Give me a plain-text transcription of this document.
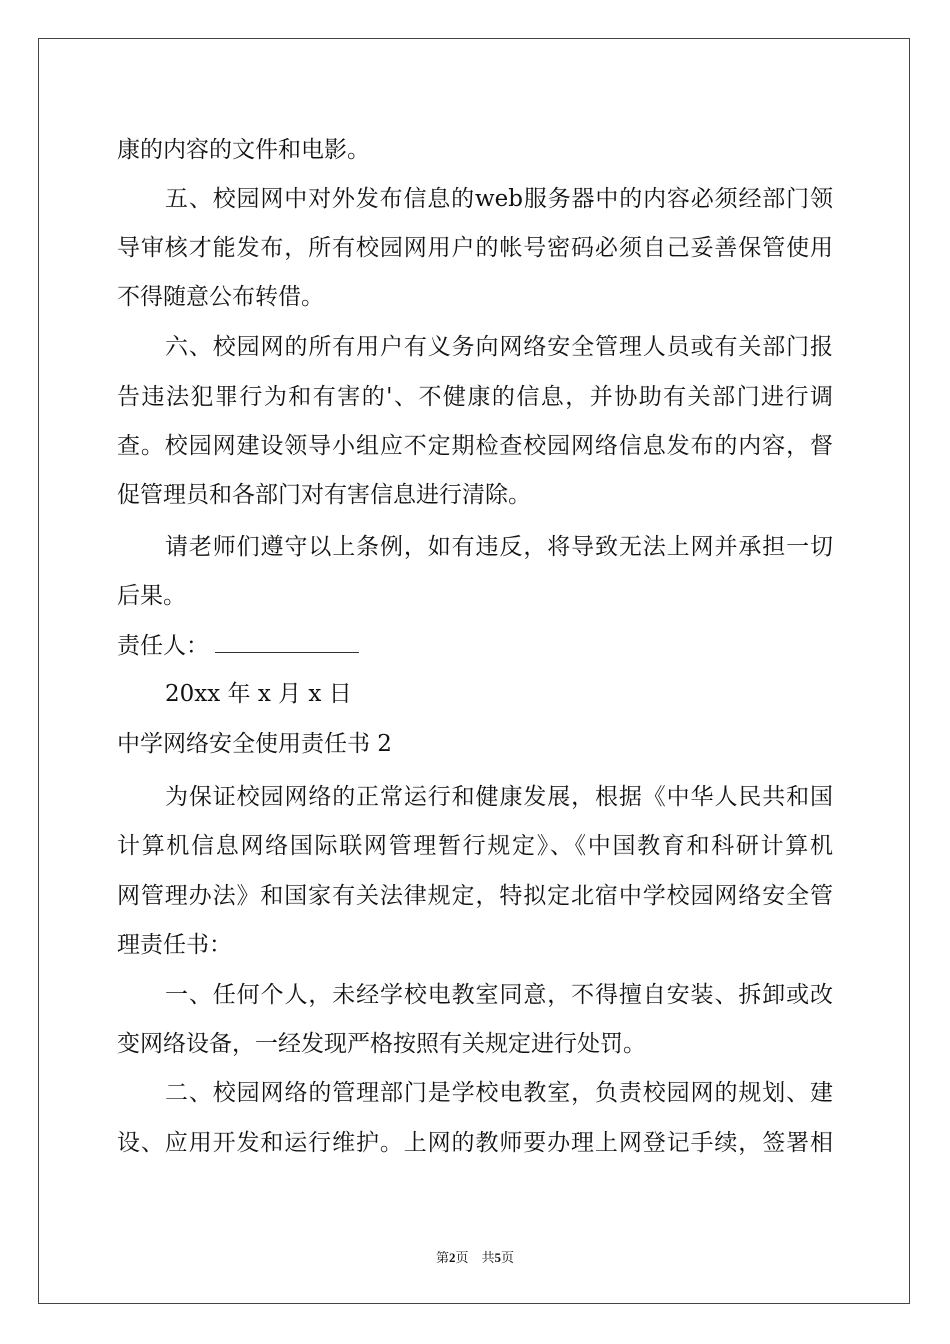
康的内容的文件和电影。
五、校园网中对外发布信息的web服务器中的内容必须经部门领
导审核才能发布，所有校园网用户的帐号密码必须自己妥善保管使用
不得随意公布转借。
六、校园网的所有用户有义务向网络安全管理人员或有关部门报
告违法犯罪行为和有害的'、不健康的信息，并协助有关部门进行调
查。校园网建设领导小组应不定期检查校园网络信息发布的内容，督
促管理员和各部门对有害信息进行清除。
请老师们遵守以上条例，如有违反，将导致无法上网并承担一切
后果。
责任人：
20xx 年 x 月 x 日
中学网络安全使用责任书 2
为保证校园网络的正常运行和健康发展，根据《中华人民共和国
计算机信息网络国际联网管理暂行规定》、《中国教育和科研计算机
网管理办法》和国家有关法律规定，特拟定北宿中学校园网络安全管
理责任书：
一、任何个人，未经学校电教室同意，不得擅自安装、拆卸或改
变网络设备，一经发现严格按照有关规定进行处罚。
二、校园网络的管理部门是学校电教室，负责校园网的规划、建
设、应用开发和运行维护。上网的教师要办理上网登记手续，签署相
第2页　共5页
